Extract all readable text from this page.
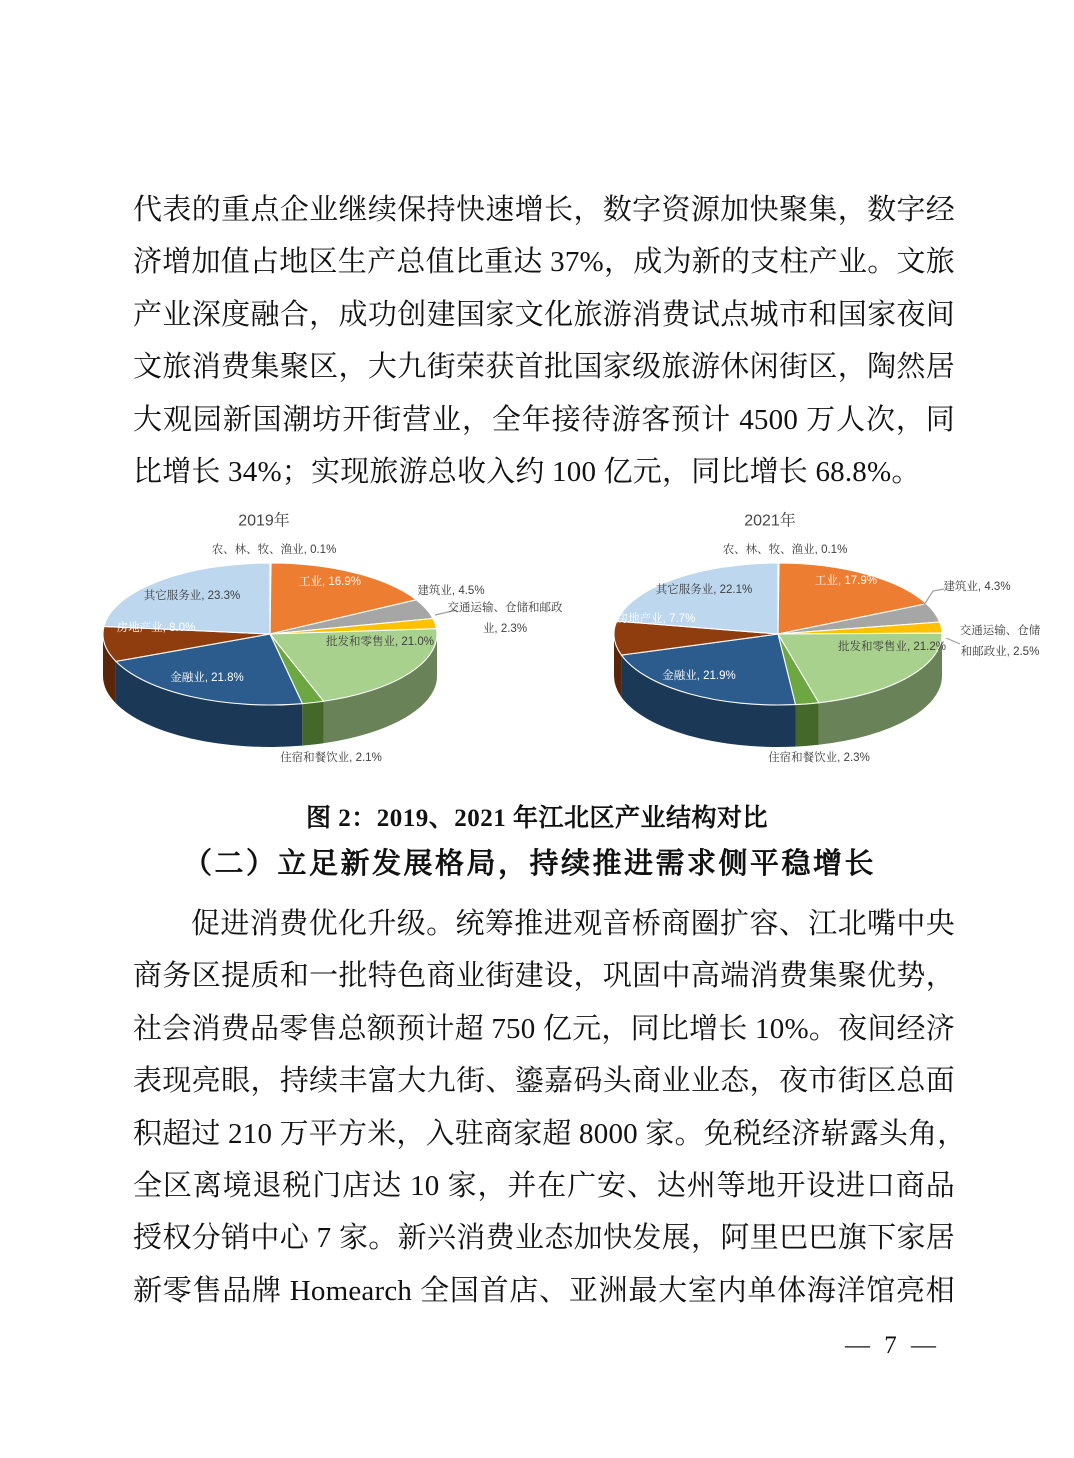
代表的重点企业继续保持快速增长，数字资源加快聚集，数字经
济增加值占地区生产总值比重达 37%，成为新的支柱产业。文旅
产业深度融合，成功创建国家文化旅游消费试点城市和国家夜间
文旅消费集聚区，大九街荣获首批国家级旅游休闲街区，陶然居
大观园新国潮坊开街营业，全年接待游客预计 4500 万人次，同
比增长 34%；实现旅游总收入约 100 亿元，同比增长 68.8%。
农、林、牧、渔业, 0.1%
工业, 16.9%
建筑业, 4.5%
交通运输、仓储和邮政
业, 2.3%
批发和零售业, 21.0%
住宿和餐饮业, 2.1%
金融业, 21.8%
房地产业, 8.0%
其它服务业, 23.3%
2019年
农、林、牧、渔业, 0.1%
工业, 17.9%	建筑业, 4.3%
交通运输、仓储
和邮政业, 2.5%
批发和零售业, 21.2%
住宿和餐饮业, 2.3%
金融业, 21.9%
房地产业, 7.7%
其它服务业, 22.1%
2021年
图 2：2019、2021 年江北区产业结构对比
（二）立足新发展格局，持续推进需求侧平稳增长
促进消费优化升级。统筹推进观音桥商圈扩容、江北嘴中央
商务区提质和一批特色商业街建设，巩固中高端消费集聚优势，
社会消费品零售总额预计超 750 亿元，同比增长 10%。夜间经济
表现亮眼，持续丰富大九街、鎏嘉码头商业业态，夜市街区总面
积超过 210 万平方米，入驻商家超 8000 家。免税经济崭露头角，
全区离境退税门店达 10 家，并在广安、达州等地开设进口商品
授权分销中心 7 家。新兴消费业态加快发展，阿里巴巴旗下家居
新零售品牌 Homearch 全国首店、亚洲最大室内单体海洋馆亮相
— 7 —
